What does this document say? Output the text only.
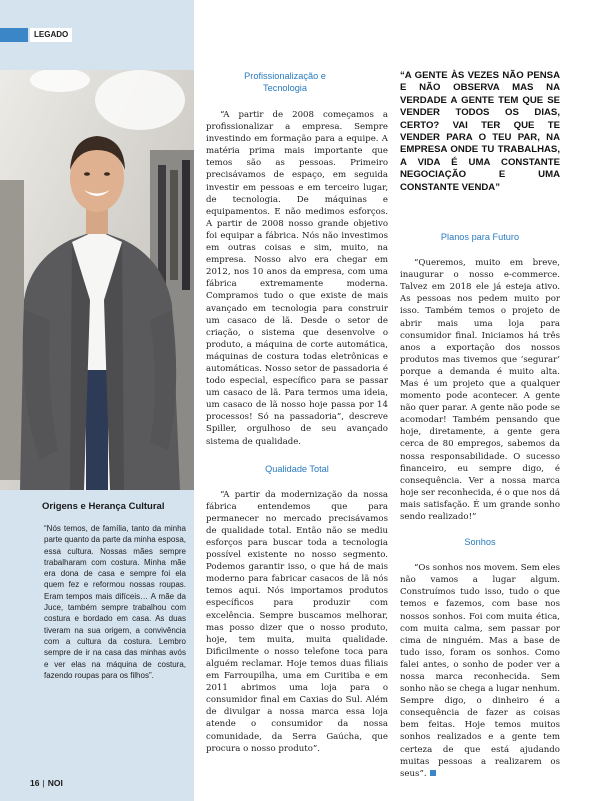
LEGADO
Origens e Herança Cultural

“Nós temos, de família, tanto da minha parte quanto da parte da minha esposa, essa cultura. Nossas mães sempre trabalharam com costura. Minha mãe era dona de casa e sempre foi ela quem fez e reformou nossas roupas. Eram tempos mais difíceis… A mãe da Juce, também sempre trabalhou com costura e bordado em casa. As duas tiveram na sua origem, a convivência com a cultura da costura. Lembro sempre de ir na casa das minhas avós e ver elas na máquina de costura, fazendo roupas para os filhos”.

Profissionalização e Tecnologia

“A partir de 2008 começamos a profissionalizar a empresa. Sempre investindo em formação para a equipe. A matéria prima mais importante que temos são as pessoas. Primeiro precisávamos de espaço, em seguida investir em pessoas e em terceiro lugar, de tecnologia. De máquinas e equipamentos. E não medimos esforços. A partir de 2008 nosso grande objetivo foi equipar a fábrica. Nós não investimos em outras coisas e sim, muito, na empresa. Nosso alvo era chegar em 2012, nos 10 anos da empresa, com uma fábrica extremamente moderna. Compramos tudo o que existe de mais avançado em tecnologia para construir um casaco de lã. Desde o setor de criação, o sistema que desenvolve o produto, a máquina de corte automática, máquinas de costura todas eletrônicas e automáticas. Nosso setor de passadoria é todo especial, específico para se passar um casaco de lã. Para termos uma ideia, um casaco de lã nosso hoje passa por 14 processos! Só na passadoria”, descreve Spiller, orgulhoso de seu avançado sistema de qualidade.

Qualidade Total

“A partir da modernização da nossa fábrica entendemos que para permanecer no mercado precisávamos de qualidade total. Então não se mediu esforços para buscar toda a tecnologia possível existente no nosso segmento. Podemos garantir isso, o que há de mais moderno para fabricar casacos de lã nós temos aqui. Nós importamos produtos específicos para produzir com excelência. Sempre buscamos melhorar, mas posso dizer que o nosso produto, hoje, tem muita, muita qualidade. Dificilmente o nosso telefone toca para alguém reclamar. Hoje temos duas filiais em Farroupilha, uma em Curitiba e em 2011 abrimos uma loja para o consumidor final em Caxias do Sul. Além de divulgar a nossa marca essa loja atende o consumidor da nossa comunidade, da Serra Gaúcha, que procura o nosso produto”.

“A GENTE ÀS VEZES NÃO PENSA E NÃO OBSERVA MAS NA VERDADE A GENTE TEM QUE SE VENDER TODOS OS DIAS, CERTO? VAI TER QUE TE VENDER PARA O TEU PAR, NA EMPRESA ONDE TU TRABALHAS, A VIDA É UMA CONSTANTE NEGOCIAÇÃO E UMA CONSTANTE VENDA”

Planos para Futuro

“Queremos, muito em breve, inaugurar o nosso e-commerce. Talvez em 2018 ele já esteja ativo. As pessoas nos pedem muito por isso. Também temos o projeto de abrir mais uma loja para consumidor final. Iniciamos há três anos a exportação dos nossos produtos mas tivemos que ‘segurar’ porque a demanda é muito alta. Mas é um projeto que a qualquer momento pode acontecer. A gente não quer parar. A gente não pode se acomodar! Também pensando que hoje, diretamente, a gente gera cerca de 80 empregos, sabemos da nossa responsabilidade. O sucesso financeiro, eu sempre digo, é consequência. Ver a nossa marca hoje ser reconhecida, é o que nos dá mais satisfação. É um grande sonho sendo realizado!”

Sonhos

“Os sonhos nos movem. Sem eles não vamos a lugar algum. Construímos tudo isso, tudo o que temos e fazemos, com base nos nossos sonhos. Foi com muita ética, com muita calma, sem passar por cima de ninguém. Mas a base de tudo isso, foram os sonhos. Como falei antes, o sonho de poder ver a nossa marca reconhecida. Sem sonho não se chega a lugar nenhum. Sempre digo, o dinheiro é a consequência de fazer as coisas bem feitas. Hoje temos muitos sonhos realizados e a gente tem certeza de que está ajudando muitas pessoas a realizarem os seus”.

16 | NOI
